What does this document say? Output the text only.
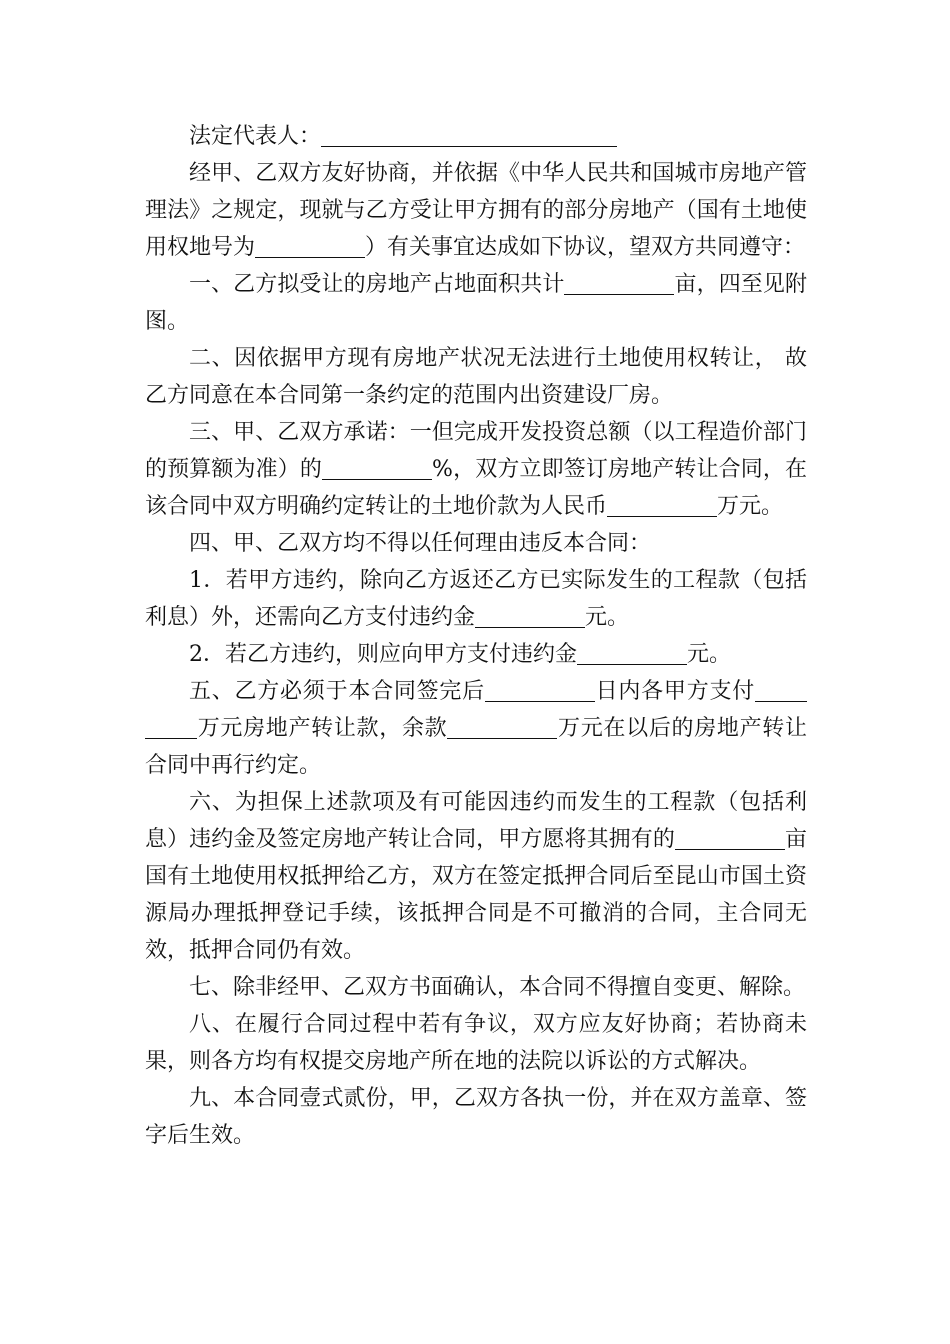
法定代表人：

经甲、乙双方友好协商，并依据《中华人民共和国城市房地产管理法》之规定，现就与乙方受让甲方拥有的部分房地产（国有土地使用权地号为	）有关事宜达成如下协议，望双方共同遵守：

一、乙方拟受让的房地产占地面积共计	亩，四至见附图。

二、因依据甲方现有房地产状况无法进行土地使用权转让， 故乙方同意在本合同第一条约定的范围内出资建设厂房。

三、甲、乙双方承诺：一但完成开发投资总额（以工程造价部门的预算额为准）的	%，双方立即签订房地产转让合同，在该合同中双方明确约定转让的土地价款为人民币	万元。

四、甲、乙双方均不得以任何理由违反本合同：

1．若甲方违约，除向乙方返还乙方已实际发生的工程款（包括利息）外，还需向乙方支付违约金	元。

2．若乙方违约，则应向甲方支付违约金	元。

五、乙方必须于本合同签完后	日内各甲方支付万元房地产转让款，余款	万元在以后的房地产转让合同中再行约定。

六、为担保上述款项及有可能因违约而发生的工程款（包括利息）违约金及签定房地产转让合同，甲方愿将其拥有的	亩国有土地使用权抵押给乙方，双方在签定抵押合同后至昆山市国土资源局办理抵押登记手续，该抵押合同是不可撤消的合同，主合同无效，抵押合同仍有效。

七、除非经甲、乙双方书面确认，本合同不得擅自变更、解除。

八、在履行合同过程中若有争议，双方应友好协商；若协商未果，则各方均有权提交房地产所在地的法院以诉讼的方式解决。

九、本合同壹式贰份，甲，乙双方各执一份，并在双方盖章、签字后生效。
